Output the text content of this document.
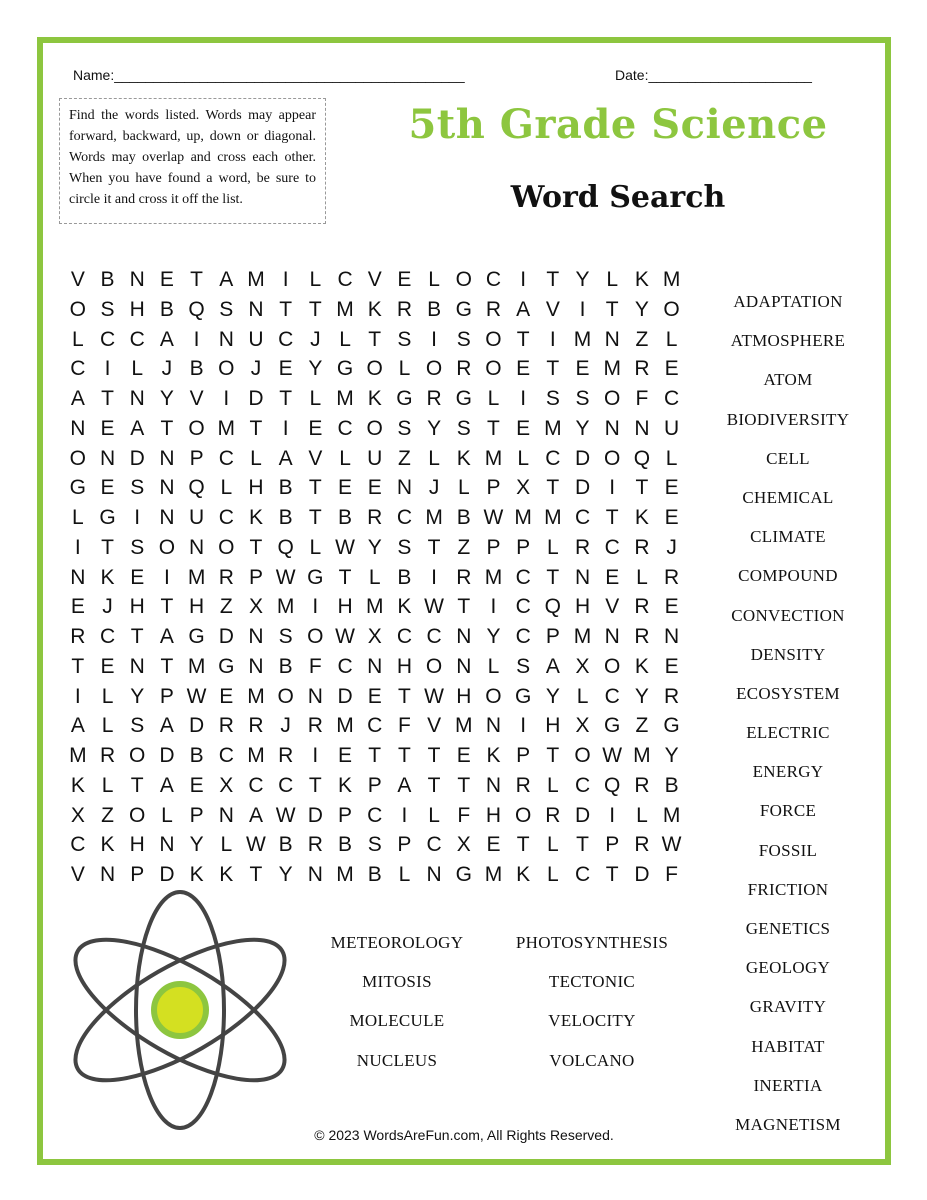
Name:_____________________________________________	Date:_____________________
Find the words listed. Words may appear forward, backward, up, down or diagonal. Words may overlap and cross each other. When you have found a word, be sure to circle it and cross it off the list.
5th Grade Science
Word Search
V B N E T A M I L C V E L O C I T Y L K M
O S H B Q S N T T M K R B G R A V I T Y O
L C C A I N U C J L T S I S O T I M N Z L
C I L J B O J E Y G O L O R O E T E M R E
A T N Y V I D T L M K G R G L I S S O F C
N E A T O M T I E C O S Y S T E M Y N N U
O N D N P C L A V L U Z L K M L C D O Q L
G E S N Q L H B T E E N J L P X T D I T E
L G I N U C K B T B R C M B W M M C T K E
I T S O N O T Q L W Y S T Z P P L R C R J
N K E I M R P W G T L B I R M C T N E L R
E J H T H Z X M I H M K W T I C Q H V R E
R C T A G D N S O W X C C N Y C P M N R N
T E N T M G N B F C N H O N L S A X O K E
I L Y P W E M O N D E T W H O G Y L C Y R
A L S A D R R J R M C F V M N I H X G Z G
M R O D B C M R I E T T T E K P T O W M Y
K L T A E X C C T K P A T T N R L C Q R B
X Z O L P N A W D P C I L F H O R D I L M
C K H N Y L W B R B S P C X E T L T P R W
V N P D K K T Y N M B L N G M K L C T D F
ADAPTATION
ATMOSPHERE
ATOM
BIODIVERSITY
CELL
CHEMICAL
CLIMATE
COMPOUND
CONVECTION
DENSITY
ECOSYSTEM
ELECTRIC
ENERGY
FORCE
FOSSIL
FRICTION
GENETICS
GEOLOGY
GRAVITY
HABITAT
INERTIA
MAGNETISM
METEOROLOGY	PHOTOSYNTHESIS
MITOSIS	TECTONIC
MOLECULE	VELOCITY
NUCLEUS	VOLCANO
© 2023 WordsAreFun.com, All Rights Reserved.
